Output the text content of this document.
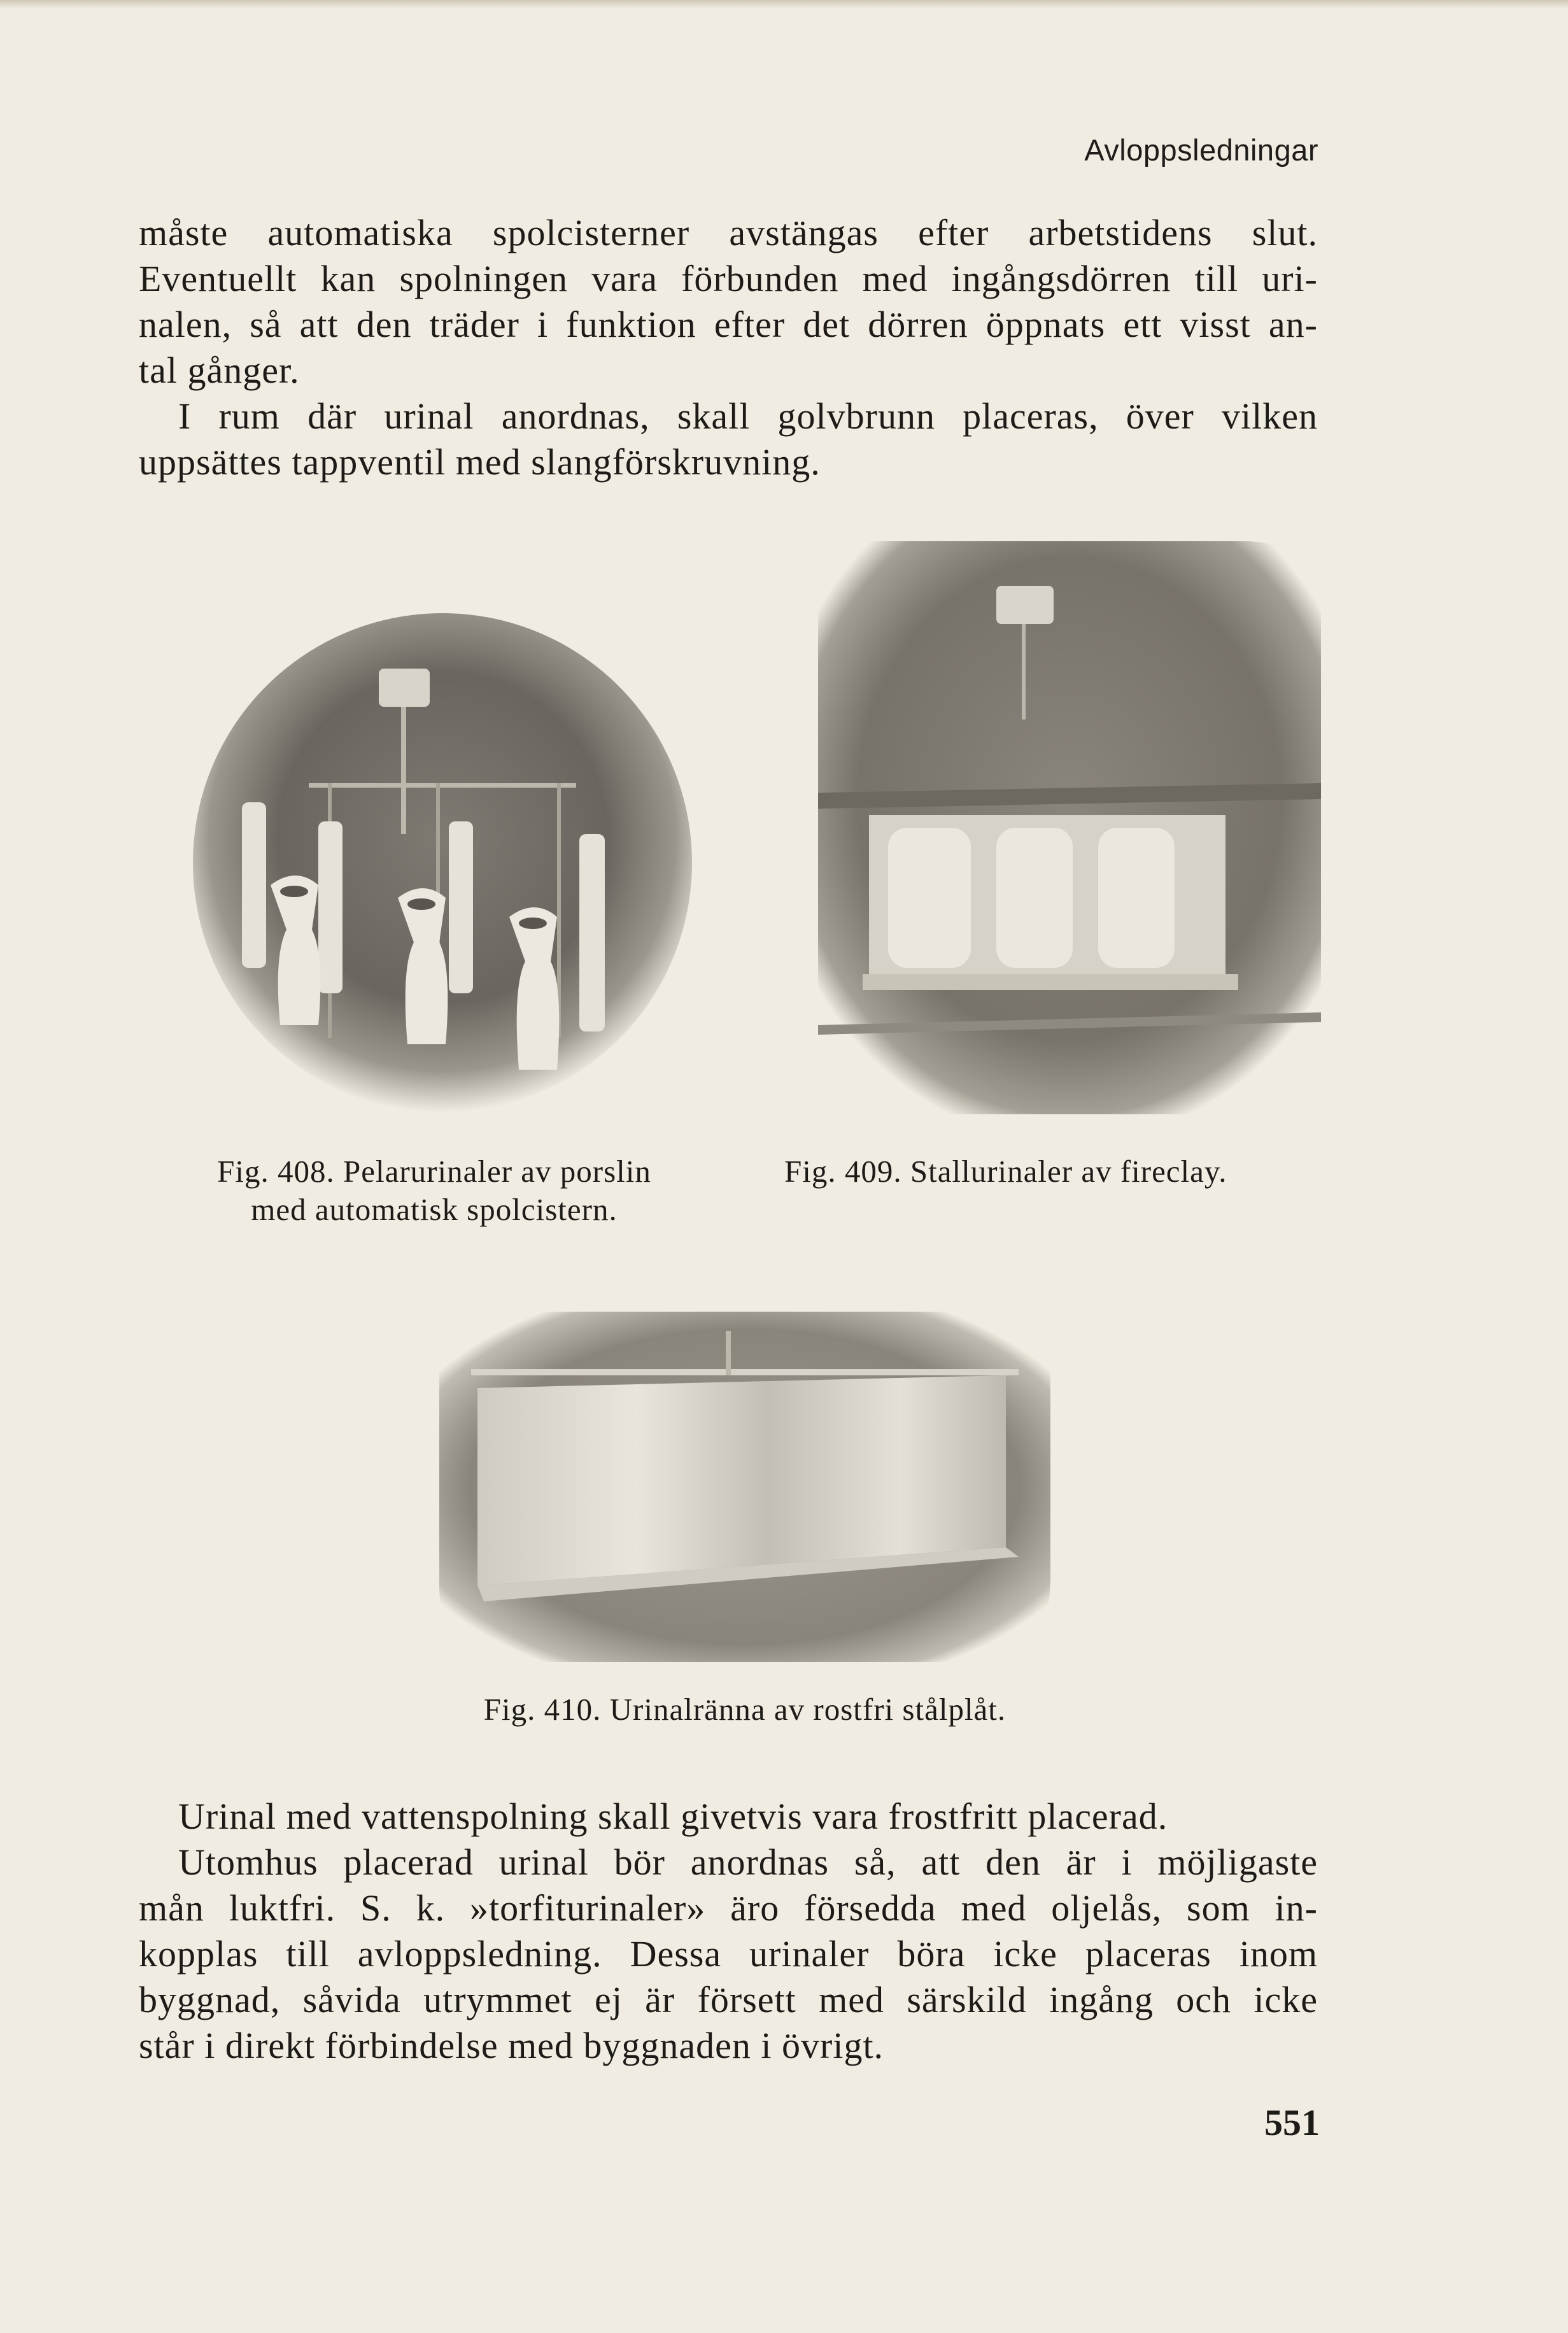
Avloppsledningar
måste automatiska spolcisterner avstängas efter arbetstidens slut.
Eventuellt kan spolningen vara förbunden med ingångsdörren till uri-
nalen, så att den träder i funktion efter det dörren öppnats ett visst an-
tal gånger.
I rum där urinal anordnas, skall golvbrunn placeras, över vilken
uppsättes tappventil med slangförskruvning.
Fig. 408. Pelarurinaler av porslin
med automatisk spolcistern.
Fig. 409. Stallurinaler av fireclay.
Fig. 410. Urinalränna av rostfri stålplåt.
Urinal med vattenspolning skall givetvis vara frostfritt placerad.
Utomhus placerad urinal bör anordnas så, att den är i möjligaste
mån luktfri. S. k. »torfiturinaler» äro försedda med oljelås, som in-
kopplas till avloppsledning. Dessa urinaler böra icke placeras inom
byggnad, såvida utrymmet ej är försett med särskild ingång och icke
står i direkt förbindelse med byggnaden i övrigt.
551
